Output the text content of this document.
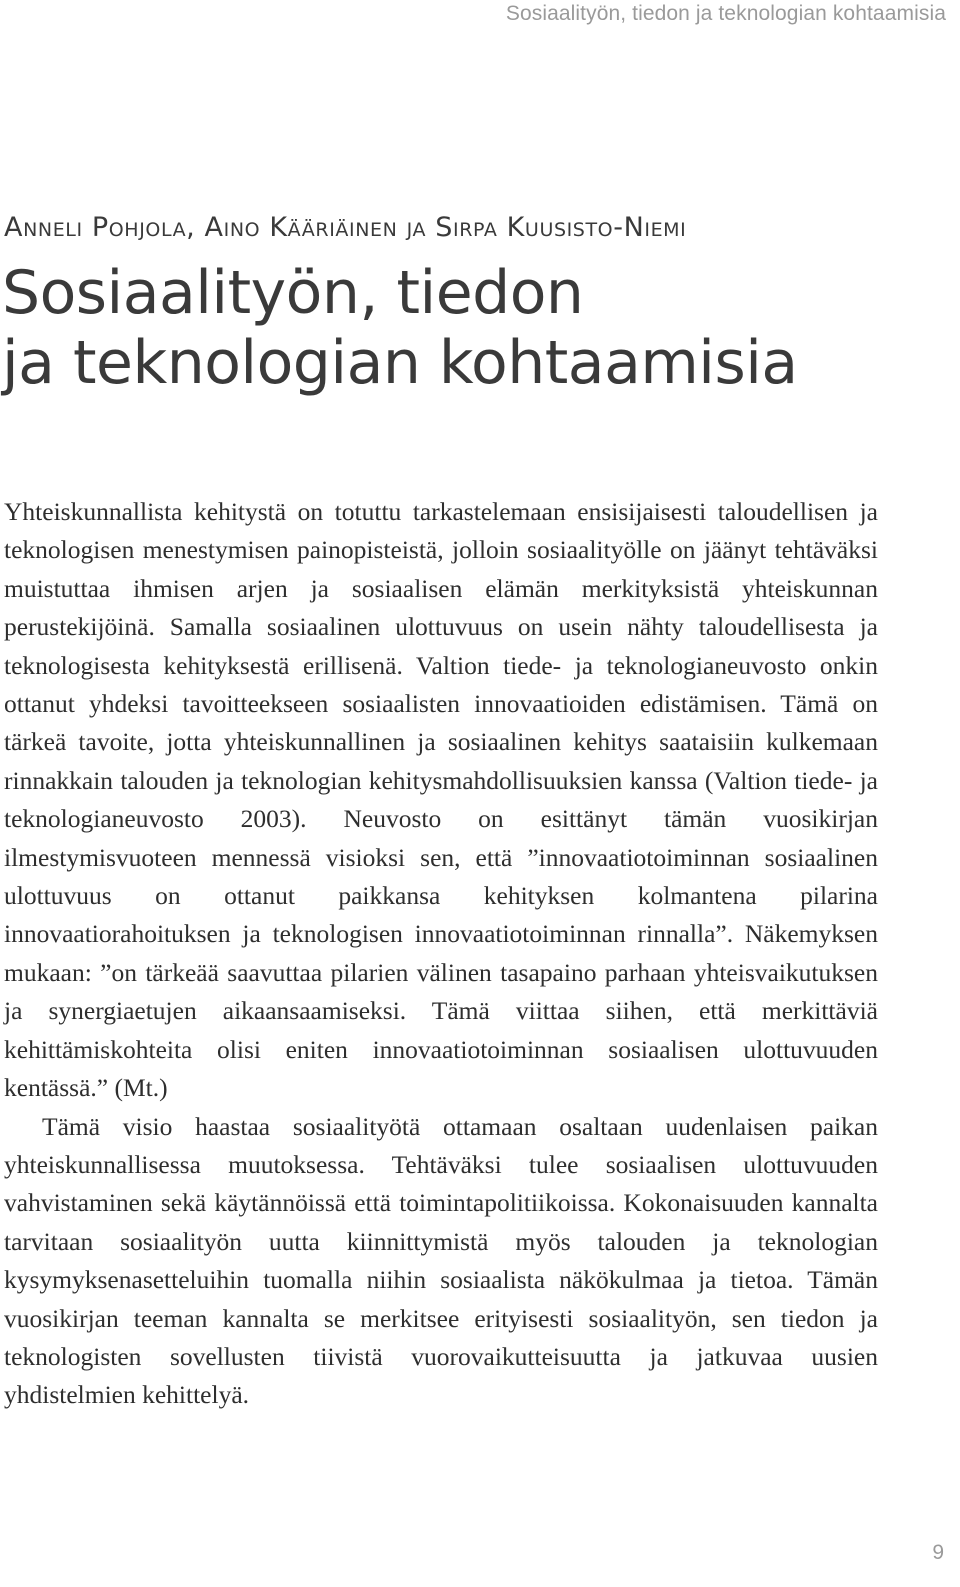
Sosiaalityön, tiedon ja teknologian kohtaamisia
Anneli Pohjola, Aino Kääriäinen ja Sirpa Kuusisto-Niemi
Sosiaalityön, tiedon
ja teknologian kohtaamisia

Yhteiskunnallista kehitystä on totuttu tarkastelemaan ensisijaisesti taloudellisen ja teknologisen menestymisen painopisteistä, jolloin sosiaalityölle on jäänyt tehtäväksi muistuttaa ihmisen arjen ja sosiaalisen elämän merkityksistä yhteiskunnan perustekijöinä. Samalla sosiaalinen ulottuvuus on usein nähty taloudellisesta ja teknologisesta kehityksestä erillisenä. Valtion tiede- ja teknologianeuvosto onkin ottanut yhdeksi tavoitteekseen sosiaalisten innovaatioiden edistämisen. Tämä on tärkeä tavoite, jotta yhteiskunnallinen ja sosiaalinen kehitys saataisiin kulkemaan rinnakkain talouden ja teknologian kehitysmahdollisuuksien kanssa (Valtion tiede- ja teknologianeuvosto 2003). Neuvosto on esittänyt tämän vuosikirjan ilmestymisvuoteen mennessä visioksi sen, että ”innovaatiotoiminnan sosiaalinen ulottuvuus on ottanut paikkansa kehityksen kolmantena pilarina innovaatiorahoituksen ja teknologisen innovaatiotoiminnan rinnalla”. Näkemyksen mukaan: ”on tärkeää saavuttaa pilarien välinen tasapaino parhaan yhteisvaikutuksen ja synergiaetujen aikaansaamiseksi. Tämä viittaa siihen, että merkittäviä kehittämiskohteita olisi eniten innovaatiotoiminnan sosiaalisen ulottuvuuden kentässä.” (Mt.)

Tämä visio haastaa sosiaalityötä ottamaan osaltaan uudenlaisen paikan yhteiskunnallisessa muutoksessa. Tehtäväksi tulee sosiaalisen ulottuvuuden vahvistaminen sekä käytännöissä että toimintapolitiikoissa. Kokonaisuuden kannalta tarvitaan sosiaalityön uutta kiinnittymistä myös talouden ja teknologian kysymyksenasetteluihin tuomalla niihin sosiaalista näkökulmaa ja tietoa. Tämän vuosikirjan teeman kannalta se merkitsee erityisesti sosiaalityön, sen tiedon ja teknologisten sovellusten tiivistä vuorovaikutteisuutta ja jatkuvaa uusien yhdistelmien kehittelyä.

9
